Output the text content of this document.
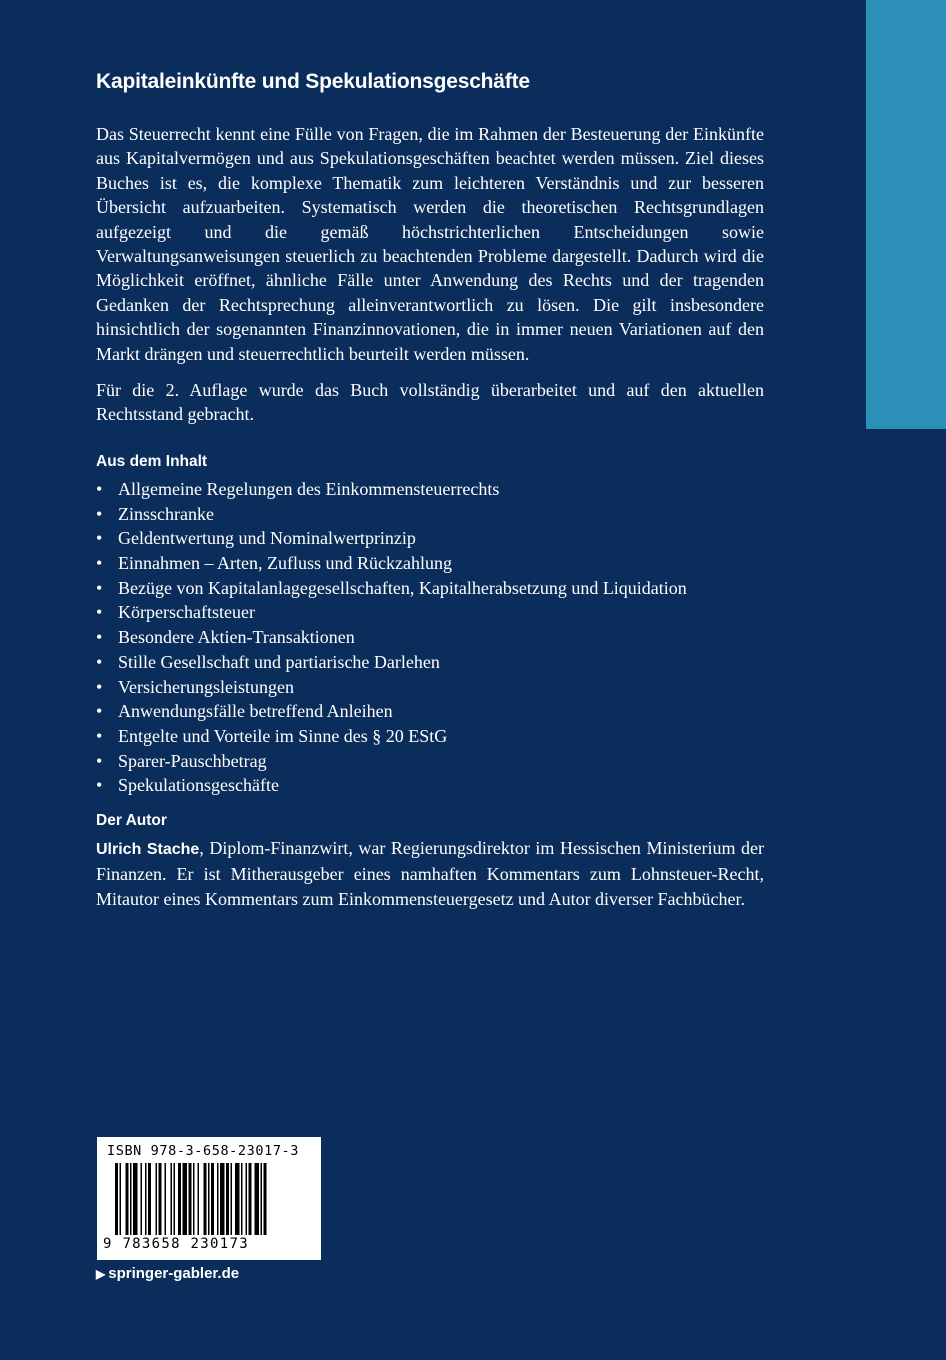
Kapitaleinkünfte und Spekulationsgeschäfte

Das Steuerrecht kennt eine Fülle von Fragen, die im Rahmen der Besteuerung der Einkünfte aus Kapitalvermögen und aus Spekulationsgeschäften beachtet werden müssen. Ziel dieses Buches ist es, die komplexe Thematik zum leichteren Verständnis und zur besseren Übersicht aufzuarbeiten. Systematisch werden die theoretischen Rechtsgrundlagen aufgezeigt und die gemäß höchstrichterlichen Entscheidungen sowie Verwaltungsanweisungen steuerlich zu beachtenden Probleme dargestellt. Dadurch wird die Möglichkeit eröffnet, ähnliche Fälle unter Anwendung des Rechts und der tragenden Gedanken der Rechtsprechung alleinverantwortlich zu lösen. Die gilt insbesondere hinsichtlich der sogenannten Finanzinnovationen, die in immer neuen Variationen auf den Markt drängen und steuerrechtlich beurteilt werden müssen.

Für die 2. Auflage wurde das Buch vollständig überarbeitet und auf den aktuellen Rechtsstand gebracht.

Aus dem Inhalt
• Allgemeine Regelungen des Einkommensteuerrechts
• Zinsschranke
• Geldentwertung und Nominalwertprinzip
• Einnahmen – Arten, Zufluss und Rückzahlung
• Bezüge von Kapitalanlagegesellschaften, Kapitalherabsetzung und Liquidation
• Körperschaftsteuer
• Besondere Aktien-Transaktionen
• Stille Gesellschaft und partiarische Darlehen
• Versicherungsleistungen
• Anwendungsfälle betreffend Anleihen
• Entgelte und Vorteile im Sinne des § 20 EStG
• Sparer-Pauschbetrag
• Spekulationsgeschäfte
Der Autor

Ulrich Stache, Diplom-Finanzwirt, war Regierungsdirektor im Hessischen Ministerium der Finanzen. Er ist Mitherausgeber eines namhaften Kommentars zum Lohnsteuer-Recht, Mitautor eines Kommentars zum Einkommensteuergesetz und Autor diverser Fachbücher.

ISBN 978-3-658-23017-3
9 783658 230173
▶ springer-gabler.de
